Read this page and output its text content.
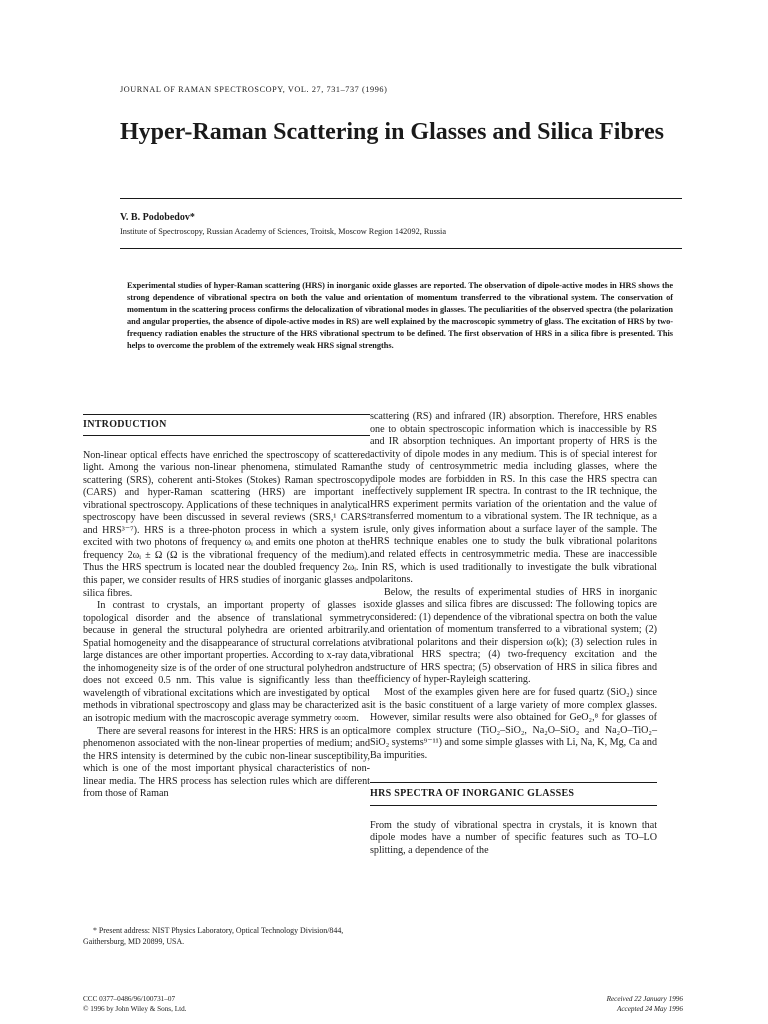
JOURNAL OF RAMAN SPECTROSCOPY, VOL. 27, 731–737 (1996)
Hyper-Raman Scattering in Glasses and Silica Fibres
V. B. Podobedov*
Institute of Spectroscopy, Russian Academy of Sciences, Troitsk, Moscow Region 142092, Russia

Experimental studies of hyper-Raman scattering (HRS) in inorganic oxide glasses are reported. The observation of dipole-active modes in HRS shows the strong dependence of vibrational spectra on both the value and orientation of momentum transferred to the vibrational system. The conservation of momentum in the scattering process confirms the delocalization of vibrational modes in glasses. The peculiarities of the observed spectra (the polarization and angular properties, the absence of dipole-active modes in RS) are well explained by the macroscopic symmetry of glass. The excitation of HRS by two-frequency radiation enables the structure of the HRS vibrational spectrum to be defined. The first observation of HRS in a silica fibre is presented. This helps to overcome the problem of the extremely weak HRS signal strengths.

INTRODUCTION

Non-linear optical effects have enriched the spectroscopy of scattered light. Among the various non-linear phenomena, stimulated Raman scattering (SRS), coherent anti-Stokes (Stokes) Raman spectroscopy (CARS) and hyper-Raman scattering (HRS) are important in vibrational spectroscopy. Applications of these techniques in analytical spectroscopy have been discussed in several reviews (SRS,¹ CARS² and HRS³⁻⁷). HRS is a three-photon process in which a system is excited with two photons of frequency ωᵢ and emits one photon at the frequency 2ωᵢ ± Ω (Ω is the vibrational frequency of the medium). Thus the HRS spectrum is located near the doubled frequency 2ωᵢ. In this paper, we consider results of HRS studies of inorganic glasses and silica fibres.

In contrast to crystals, an important property of glasses is topological disorder and the absence of translational symmetry because in general the structural polyhedra are oriented arbitrarily. Spatial homogeneity and the disappearance of structural correlations at large distances are other important properties. According to x-ray data, the inhomogeneity size is of the order of one structural polyhedron and does not exceed 0.5 nm. This value is significantly less than the wavelength of vibrational excitations which are investigated by optical methods in vibrational spectroscopy and glass may be characterized as an isotropic medium with the macroscopic average symmetry ∞∞m.

There are several reasons for interest in the HRS: HRS is an optical phenomenon associated with the non-linear properties of medium; and the HRS intensity is determined by the cubic non-linear susceptibility, which is one of the most important physical characteristics of non-linear media. The HRS process has selection rules which are different from those of Raman

* Present address: NIST Physics Laboratory, Optical Technology Division/844, Gaithersburg, MD 20899, USA.

scattering (RS) and infrared (IR) absorption. Therefore, HRS enables one to obtain spectroscopic information which is inaccessible by RS and IR absorption techniques. An important property of HRS is the activity of dipole modes in any medium. This is of special interest for the study of centrosymmetric media including glasses, where the dipole modes are forbidden in RS. In this case the HRS spectra can effectively supplement IR spectra. In contrast to the IR technique, the HRS experiment permits variation of the orientation and the value of transferred momentum to a vibrational system. The IR technique, as a rule, only gives information about a surface layer of the sample. The HRS technique enables one to study the bulk vibrational polaritons and related effects in centrosymmetric media. These are inaccessible in RS, which is used traditionally to investigate the bulk vibrational polaritons.

Below, the results of experimental studies of HRS in inorganic oxide glasses and silica fibres are discussed: The following topics are considered: (1) dependence of the vibrational spectra on both the value and orientation of momentum transferred to a vibrational system; (2) vibrational polaritons and their dispersion ω(k); (3) selection rules in vibrational HRS spectra; (4) two-frequency excitation and the structure of HRS spectra; (5) observation of HRS in silica fibres and efficiency of hyper-Rayleigh scattering.

Most of the examples given here are for fused quartz (SiO₂) since it is the basic constituent of a large variety of more complex glasses. However, similar results were also obtained for GeO₂,⁸ for glasses of more complex structure (TiO₂–SiO₂, Na₂O–SiO₂ and Na₂O–TiO₂–SiO₂ systems⁹⁻¹¹) and some simple glasses with Li, Na, K, Mg, Ca and Ba impurities.

HRS SPECTRA OF INORGANIC GLASSES

From the study of vibrational spectra in crystals, it is known that dipole modes have a number of specific features such as TO–LO splitting, a dependence of the

CCC 0377–0486/96/100731–07
© 1996 by John Wiley & Sons, Ltd.
Received 22 January 1996
Accepted 24 May 1996
